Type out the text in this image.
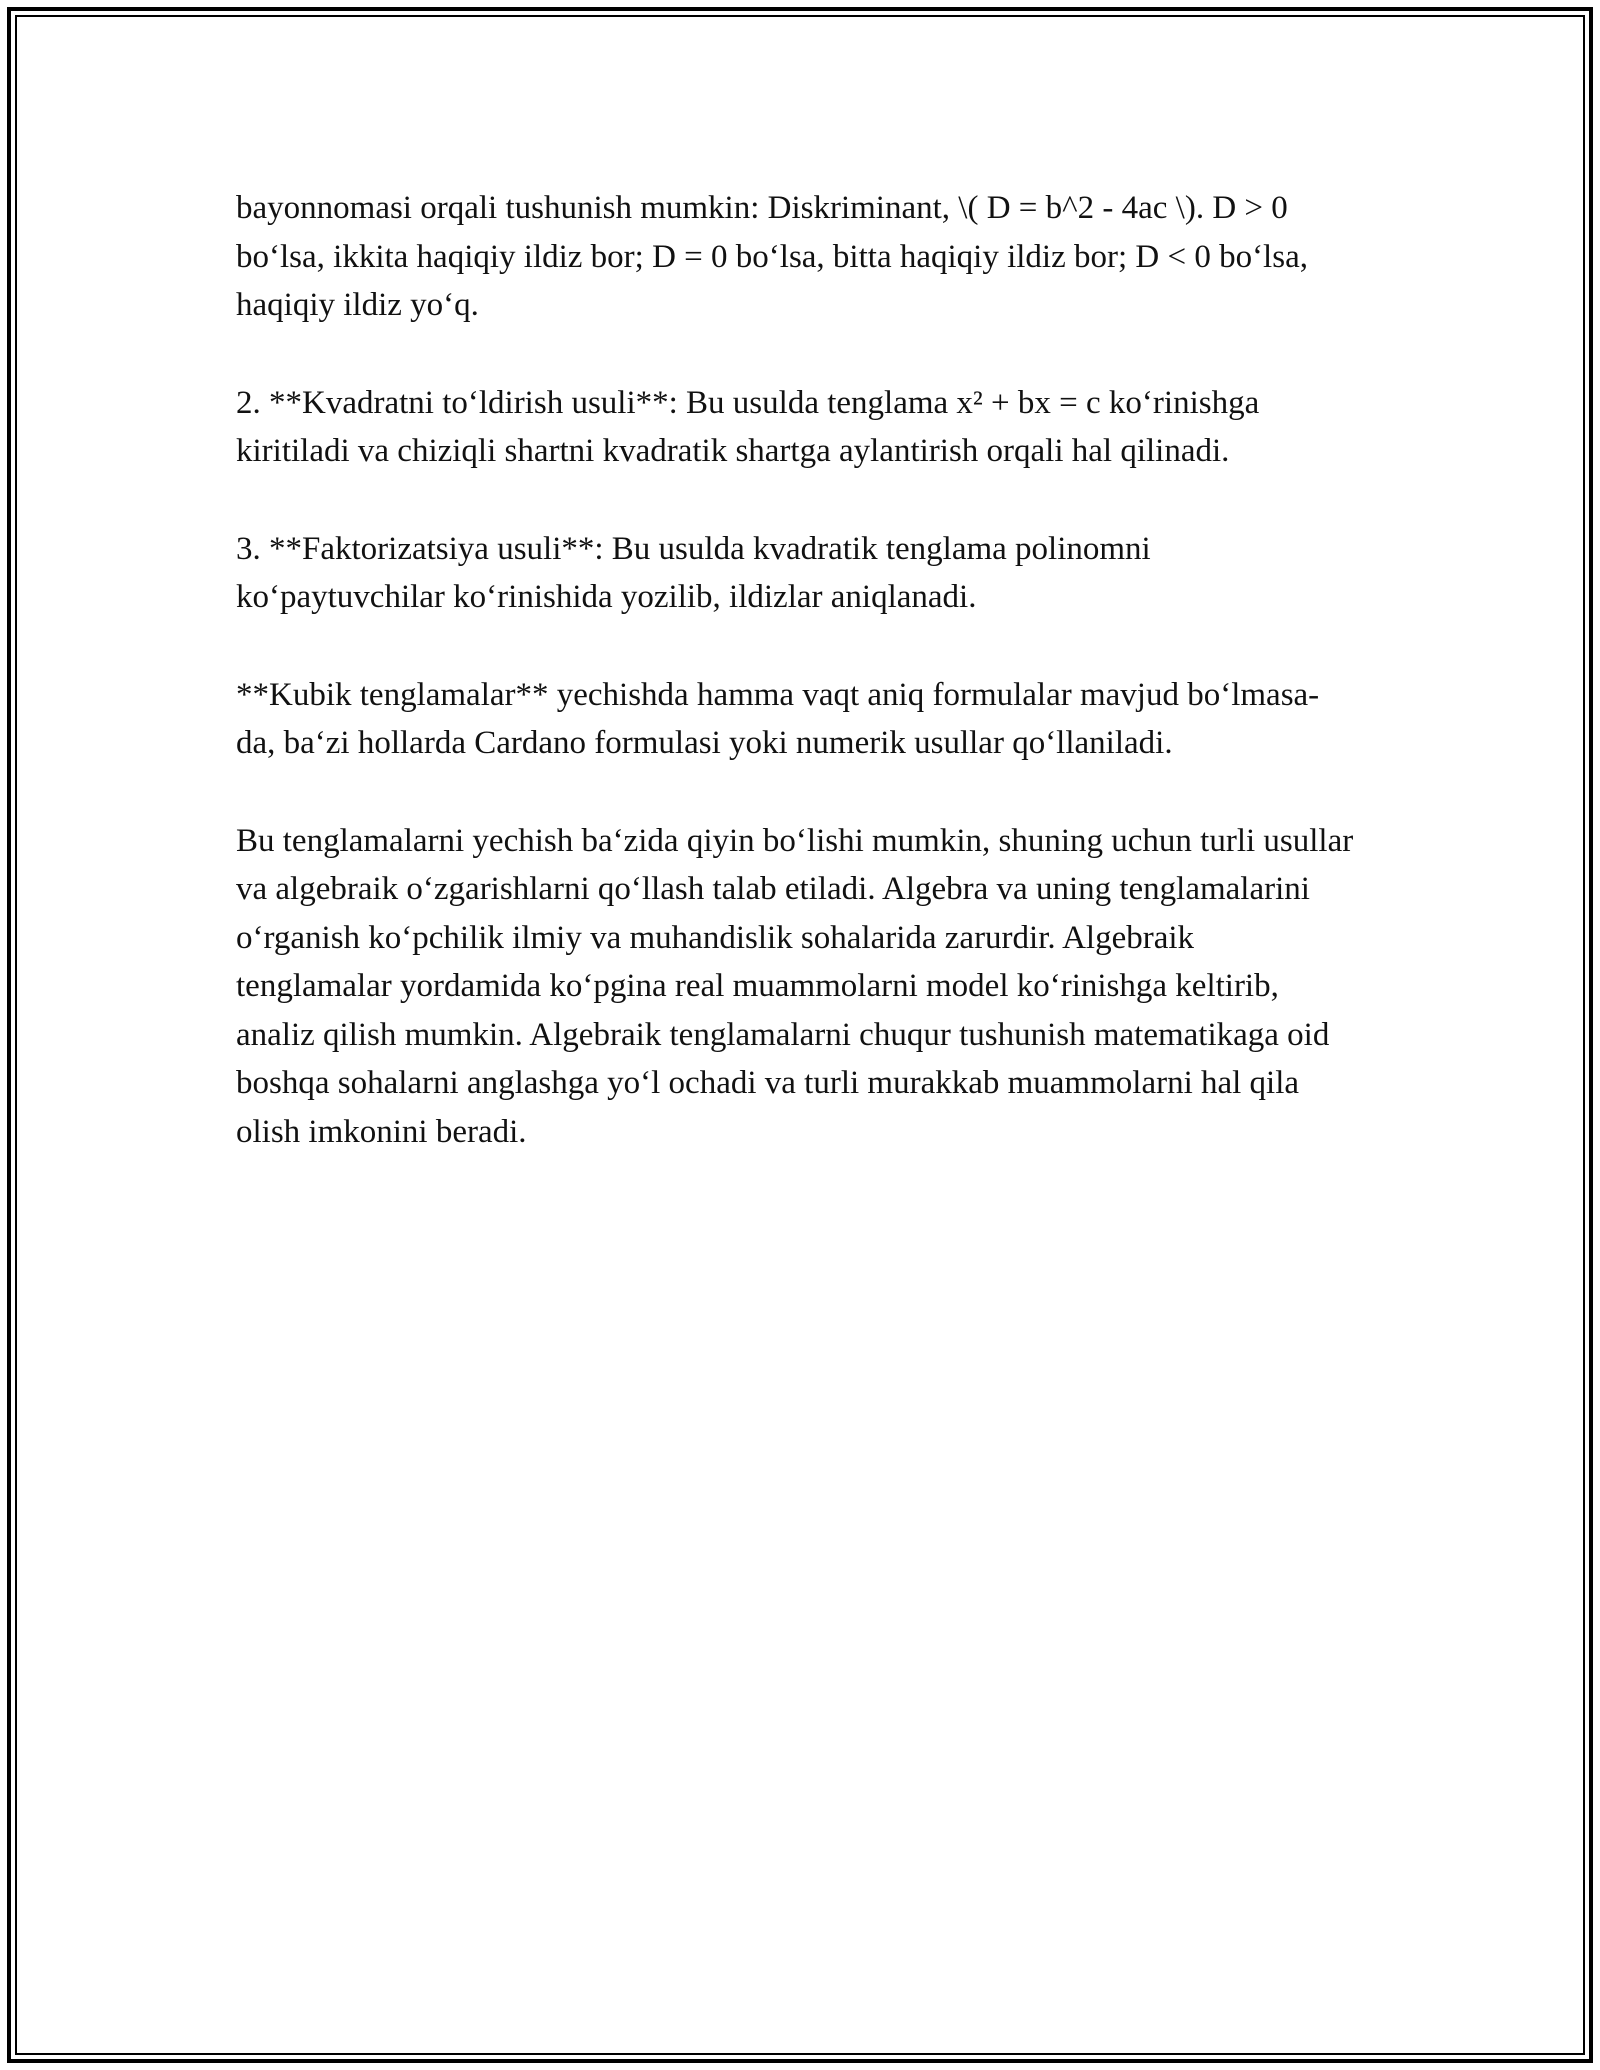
bayonnomasi orqali tushunish mumkin: Diskriminant, \( D = b^2 - 4ac \). D > 0 bo‘lsa, ikkita haqiqiy ildiz bor; D = 0 bo‘lsa, bitta haqiqiy ildiz bor; D < 0 bo‘lsa, haqiqiy ildiz yo‘q.

2. **Kvadratni to‘ldirish usuli**: Bu usulda tenglama x² + bx = c ko‘rinishga kiritiladi va chiziqli shartni kvadratik shartga aylantirish orqali hal qilinadi.

3. **Faktorizatsiya usuli**: Bu usulda kvadratik tenglama polinomni ko‘paytuvchilar ko‘rinishida yozilib, ildizlar aniqlanadi.

**Kubik tenglamalar** yechishda hamma vaqt aniq formulalar mavjud bo‘lmasa-da, ba‘zi hollarda Cardano formulasi yoki numerik usullar qo‘llaniladi.

Bu tenglamalarni yechish ba‘zida qiyin bo‘lishi mumkin, shuning uchun turli usullar va algebraik o‘zgarishlarni qo‘llash talab etiladi. Algebra va uning tenglamalarini o‘rganish ko‘pchilik ilmiy va muhandislik sohalarida zarurdir. Algebraik tenglamalar yordamida ko‘pgina real muammolarni model ko‘rinishga keltirib, analiz qilish mumkin. Algebraik tenglamalarni chuqur tushunish matematikaga oid boshqa sohalarni anglashga yo‘l ochadi va turli murakkab muammolarni hal qila olish imkonini beradi.
